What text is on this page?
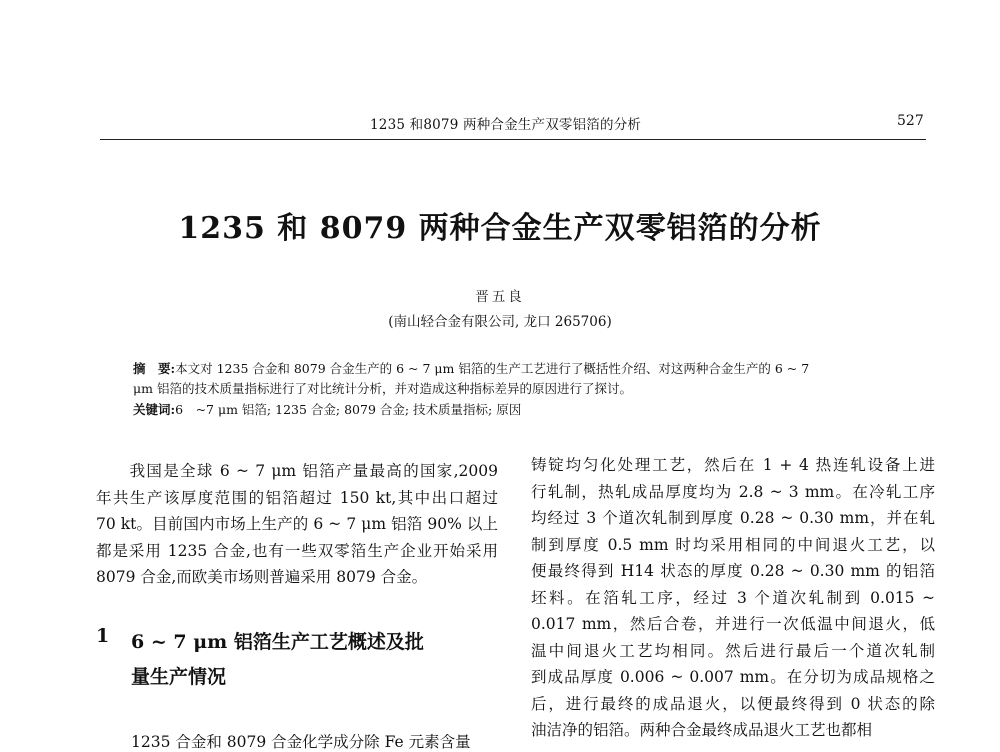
1235 和8079 两种合金生产双零铝箔的分析	527
1235 和 8079 两种合金生产双零铝箔的分析
晋五良
(南山轻合金有限公司, 龙口 265706)
摘　要:本文对 1235 合金和 8079 合金生产的 6 ~ 7 μm 铝箔的生产工艺进行了概括性介绍、对这两种合金生产的 6 ~ 7
μm 铝箔的技术质量指标进行了对比统计分析，并对造成这种指标差异的原因进行了探讨。
关键词:6　~7 μm 铝箔; 1235 合金; 8079 合金; 技术质量指标; 原因
　　我国是全球 6 ~ 7 μm 铝箔产量最高的国家,2009
年共生产该厚度范围的铝箔超过 150 kt,其中出口超过
70 kt。目前国内市场上生产的 6 ~ 7 μm 铝箔 90% 以上
都是采用 1235 合金,也有一些双零箔生产企业开始采用
8079 合金,而欧美市场则普遍采用 8079 合金。
1 6 ~ 7 μm 铝箔生产工艺概述及批
量生产情况
1235 合金和 8079 合金化学成分除 Fe 元素含量
铸锭均匀化处理工艺，然后在 1 + 4 热连轧设备上进
行轧制，热轧成品厚度均为 2.8 ~ 3 mm。在冷轧工序
均经过 3 个道次轧制到厚度 0.28 ~ 0.30 mm，并在轧
制到厚度 0.5 mm 时均采用相同的中间退火工艺，以
便最终得到 H14 状态的厚度 0.28 ~ 0.30 mm 的铝箔
坯料。在箔轧工序，经过 3 个道次轧制到 0.015 ~
0.017 mm，然后合卷，并进行一次低温中间退火，低
温中间退火工艺均相同。然后进行最后一个道次轧制
到成品厚度 0.006 ~ 0.007 mm。在分切为成品规格之
后，进行最终的成品退火，以便最终得到 0 状态的除
油洁净的铝箔。两种合金最终成品退火工艺也都相
